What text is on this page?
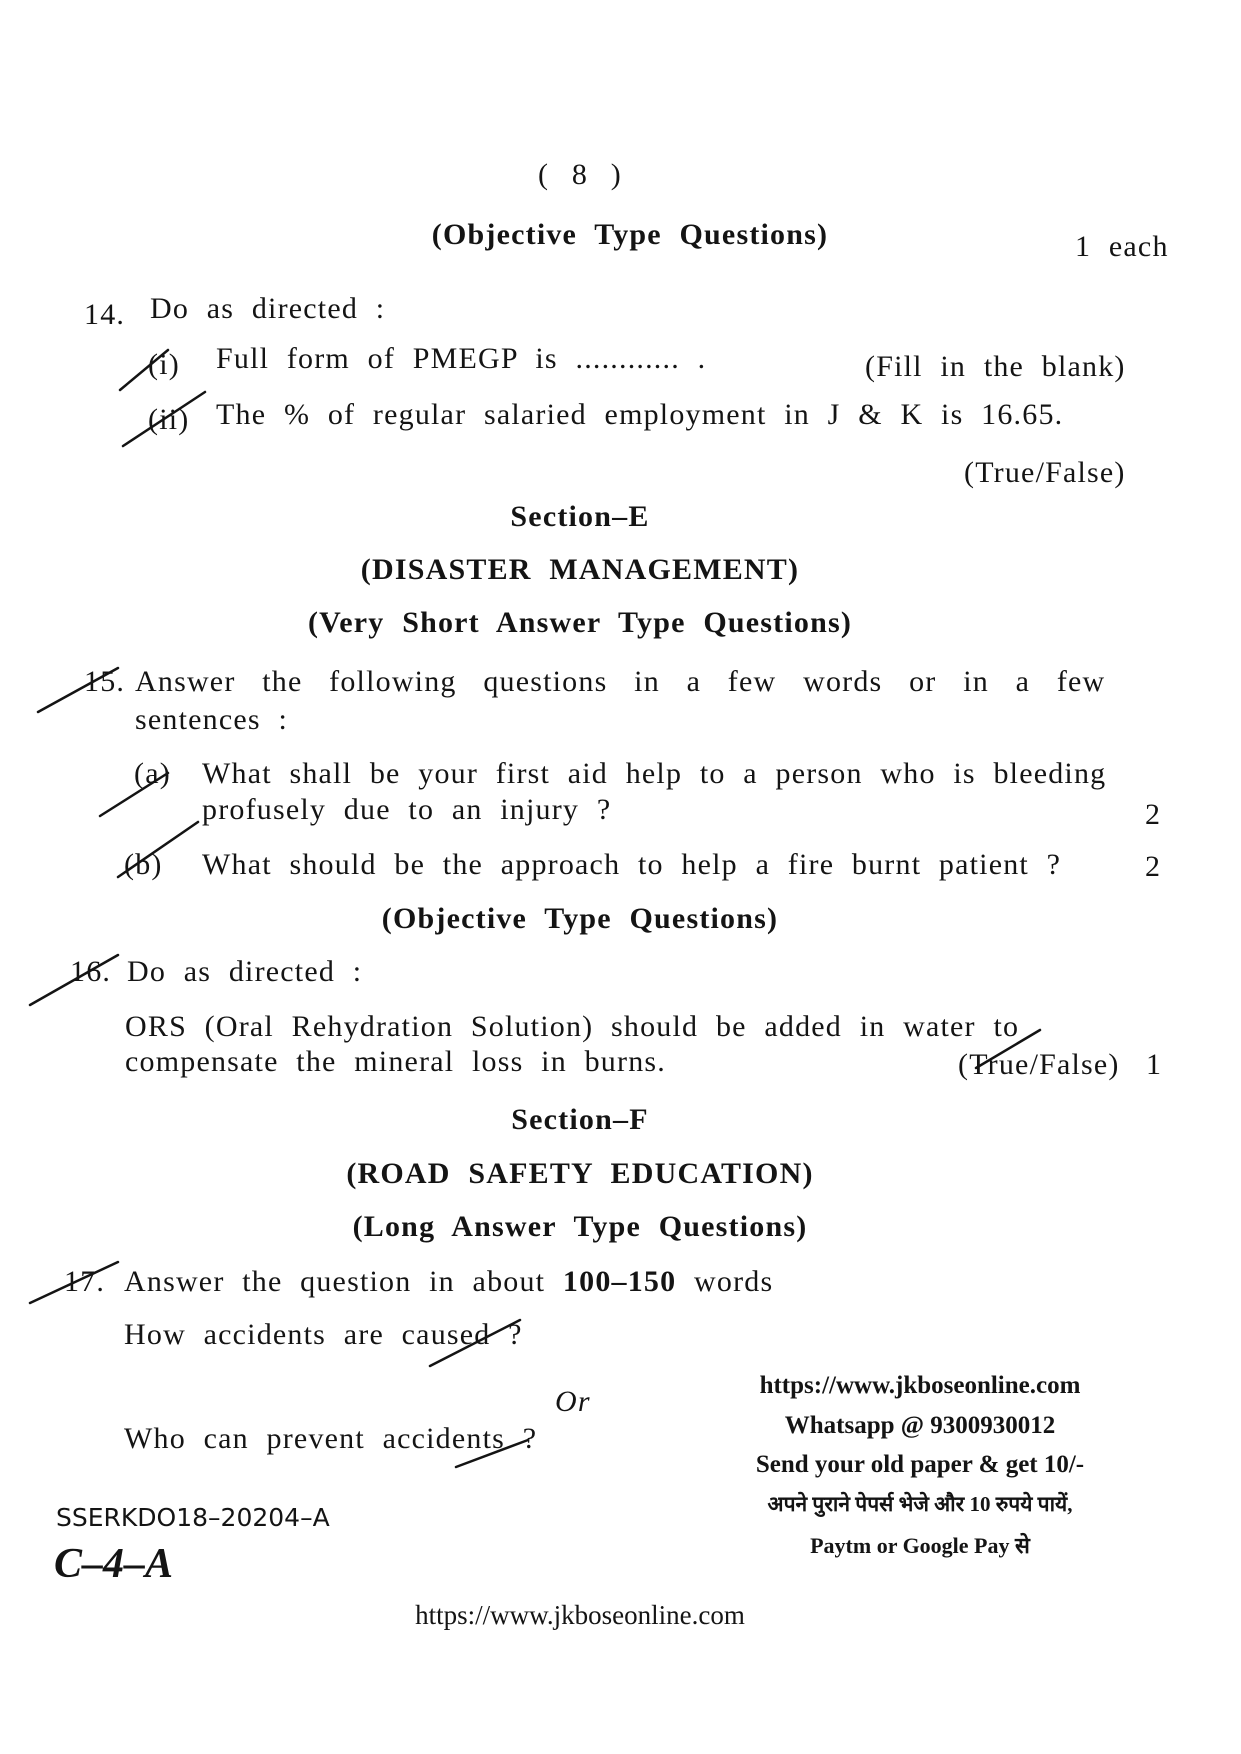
( 8 )
(Objective Type Questions)	1 each
14. Do as directed :
(i) Full form of PMEGP is ............ .	(Fill in the blank)
(ii) The % of regular salaried employment in J & K is 16.65.
(True/False)
Section–E
(DISASTER MANAGEMENT)
(Very Short Answer Type Questions)
15. Answer the following questions in a few words or in a few
sentences :
(a) What shall be your first aid help to a person who is bleeding
profusely due to an injury ?	2
(b) What should be the approach to help a fire burnt patient ?	2
(Objective Type Questions)
16. Do as directed :
ORS (Oral Rehydration Solution) should be added in water to
compensate the mineral loss in burns.	(True/False) 1
Section–F
(ROAD SAFETY EDUCATION)
(Long Answer Type Questions)
17. Answer the question in about 100–150 words
How accidents are caused ?
Or
Who can prevent accidents ?
https://www.jkboseonline.com
Whatsapp @ 9300930012
Send your old paper & get 10/-
अपने पुराने पेपर्स भेजे और 10 रुपये पायें,
Paytm or Google Pay से
SSERKDO18–20204–A
C–4–A
https://www.jkboseonline.com
